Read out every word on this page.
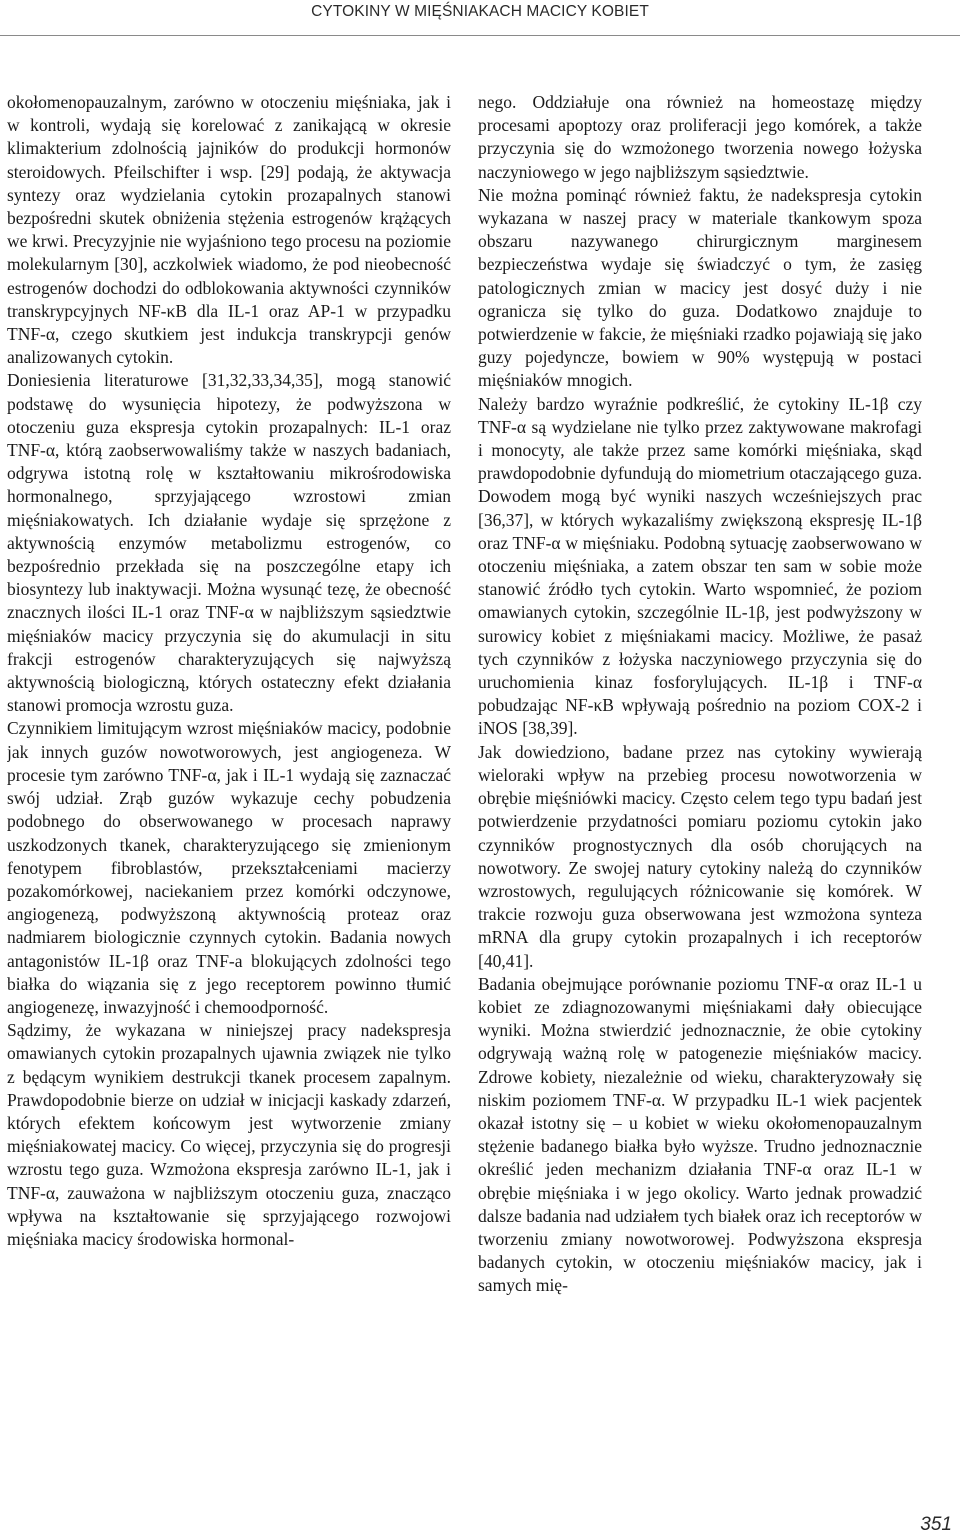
CYTOKINY W MIĘŚNIAKACH MACICY KOBIET

okołomenopauzalnym, zarówno w otoczeniu mięśniaka, jak i w kontroli, wydają się korelować z zanikającą w okresie klimakterium zdolnością jajników do produkcji hormonów steroidowych. Pfeilschifter i wsp. [29] podają, że aktywacja syntezy oraz wydzielania cytokin prozapalnych stanowi bezpośredni skutek obniżenia stężenia estrogenów krążących we krwi. Precyzyjnie nie wyjaśniono tego procesu na poziomie molekularnym [30], aczkolwiek wiadomo, że pod nieobecność estrogenów dochodzi do odblokowania aktywności czynników transkrypcyjnych NF-κB dla IL-1 oraz AP-1 w przypadku TNF-α, czego skutkiem jest indukcja transkrypcji genów analizowanych cytokin.

Doniesienia literaturowe [31,32,33,34,35], mogą stanowić podstawę do wysunięcia hipotezy, że podwyższona w otoczeniu guza ekspresja cytokin prozapalnych: IL-1 oraz TNF-α, którą zaobserwowaliśmy także w naszych badaniach, odgrywa istotną rolę w kształtowaniu mikrośrodowiska hormonalnego, sprzyjającego wzrostowi zmian mięśniakowatych. Ich działanie wydaje się sprzężone z aktywnością enzymów metabolizmu estrogenów, co bezpośrednio przekłada się na poszczególne etapy ich biosyntezy lub inaktywacji. Można wysunąć tezę, że obecność znacznych ilości IL-1 oraz TNF-α w najbliższym sąsiedztwie mięśniaków macicy przyczynia się do akumulacji in situ frakcji estrogenów charakteryzujących się najwyższą aktywnością biologiczną, których ostateczny efekt działania stanowi promocja wzrostu guza.

Czynnikiem limitującym wzrost mięśniaków macicy, podobnie jak innych guzów nowotworowych, jest angiogeneza. W procesie tym zarówno TNF-α, jak i IL-1 wydają się zaznaczać swój udział. Zrąb guzów wykazuje cechy pobudzenia podobnego do obserwowanego w procesach naprawy uszkodzonych tkanek, charakteryzującego się zmienionym fenotypem fibroblastów, przekształceniami macierzy pozakomórkowej, naciekaniem przez komórki odczynowe, angiogenezą, podwyższoną aktywnością proteaz oraz nadmiarem biologicznie czynnych cytokin. Badania nowych antagonistów IL-1β oraz TNF-a blokujących zdolności tego białka do wiązania się z jego receptorem powinno tłumić angiogenezę, inwazyjność i chemoodporność.

Sądzimy, że wykazana w niniejszej pracy nadekspresja omawianych cytokin prozapalnych ujawnia związek nie tylko z będącym wynikiem destrukcji tkanek procesem zapalnym. Prawdopodobnie bierze on udział w inicjacji kaskady zdarzeń, których efektem końcowym jest wytworzenie zmiany mięśniakowatej macicy. Co więcej, przyczynia się do progresji wzrostu tego guza. Wzmożona ekspresja zarówno IL-1, jak i TNF-α, zauważona w najbliższym otoczeniu guza, znacząco wpływa na kształtowanie się sprzyjającego rozwojowi mięśniaka macicy środowiska hormonal-

nego. Oddziałuje ona również na homeostazę między procesami apoptozy oraz proliferacji jego komórek, a także przyczynia się do wzmożonego tworzenia nowego łożyska naczyniowego w jego najbliższym sąsiedztwie.

Nie można pominąć również faktu, że nadekspresja cytokin wykazana w naszej pracy w materiale tkankowym spoza obszaru nazywanego chirurgicznym marginesem bezpieczeństwa wydaje się świadczyć o tym, że zasięg patologicznych zmian w macicy jest dosyć duży i nie ogranicza się tylko do guza. Dodatkowo znajduje to potwierdzenie w fakcie, że mięśniaki rzadko pojawiają się jako guzy pojedyncze, bowiem w 90% występują w postaci mięśniaków mnogich.

Należy bardzo wyraźnie podkreślić, że cytokiny IL-1β czy TNF-α są wydzielane nie tylko przez zaktywowane makrofagi i monocyty, ale także przez same komórki mięśniaka, skąd prawdopodobnie dyfundują do miometrium otaczającego guza. Dowodem mogą być wyniki naszych wcześniejszych prac [36,37], w których wykazaliśmy zwiększoną ekspresję IL-1β oraz TNF-α w mięśniaku. Podobną sytuację zaobserwowano w otoczeniu mięśniaka, a zatem obszar ten sam w sobie może stanowić źródło tych cytokin. Warto wspomnieć, że poziom omawianych cytokin, szczególnie IL-1β, jest podwyższony w surowicy kobiet z mięśniakami macicy. Możliwe, że pasaż tych czynników z łożyska naczyniowego przyczynia się do uruchomienia kinaz fosforylujących. IL-1β i TNF-α pobudzając NF-κB wpływają pośrednio na poziom COX-2 i iNOS [38,39].

Jak dowiedziono, badane przez nas cytokiny wywierają wieloraki wpływ na przebieg procesu nowotworzenia w obrębie mięśniówki macicy. Często celem tego typu badań jest potwierdzenie przydatności pomiaru poziomu cytokin jako czynników prognostycznych dla osób chorujących na nowotwory. Ze swojej natury cytokiny należą do czynników wzrostowych, regulujących różnicowanie się komórek. W trakcie rozwoju guza obserwowana jest wzmożona synteza mRNA dla grupy cytokin prozapalnych i ich receptorów [40,41].

Badania obejmujące porównanie poziomu TNF-α oraz IL-1 u kobiet ze zdiagnozowanymi mięśniakami dały obiecujące wyniki. Można stwierdzić jednoznacznie, że obie cytokiny odgrywają ważną rolę w patogenezie mięśniaków macicy. Zdrowe kobiety, niezależnie od wieku, charakteryzowały się niskim poziomem TNF-α. W przypadku IL-1 wiek pacjentek okazał istotny się – u kobiet w wieku okołomenopauzalnym stężenie badanego białka było wyższe. Trudno jednoznacznie określić jeden mechanizm działania TNF-α oraz IL-1 w obrębie mięśniaka i w jego okolicy. Warto jednak prowadzić dalsze badania nad udziałem tych białek oraz ich receptorów w tworzeniu zmiany nowotworowej. Podwyższona ekspresja badanych cytokin, w otoczeniu mięśniaków macicy, jak i samych mię-

351
